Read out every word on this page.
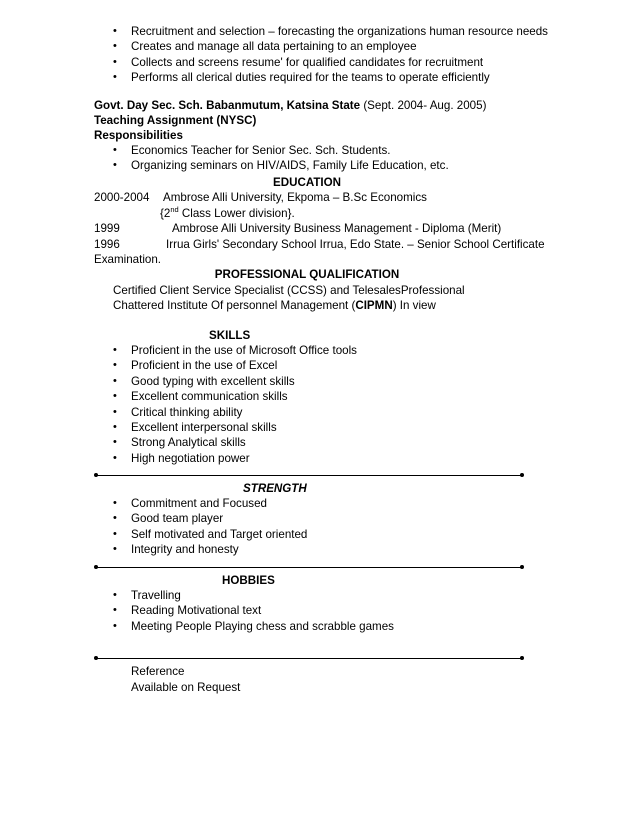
• Recruitment and selection – forecasting the organizations human resource needs
• Creates and manage all data pertaining to an employee
• Collects and screens resume' for qualified candidates for recruitment
• Performs all clerical duties required for the teams to operate efficiently
Govt. Day Sec. Sch. Babanmutum, Katsina State (Sept. 2004- Aug. 2005)
Teaching Assignment (NYSC)
Responsibilities
• Economics Teacher for Senior Sec. Sch. Students.
• Organizing seminars on HIV/AIDS, Family Life Education, etc.
EDUCATION
2000-2004 Ambrose Alli University, Ekpoma – B.Sc Economics
{2nd Class Lower division}.
1999	Ambrose Alli University Business Management - Diploma (Merit)
1996	Irrua Girls' Secondary School Irrua, Edo State. – Senior School Certificate
Examination.
PROFESSIONAL QUALIFICATION
Certified Client Service Specialist (CCSS) and TelesalesProfessional
Chattered Institute Of personnel Management (CIPMN) In view
SKILLS
• Proficient in the use of Microsoft Office tools
• Proficient in the use of Excel
• Good typing with excellent skills
• Excellent communication skills
• Critical thinking ability
• Excellent interpersonal skills
• Strong Analytical skills
• High negotiation power
STRENGTH
• Commitment and Focused
• Good team player
• Self motivated and Target oriented
• Integrity and honesty
HOBBIES
• Travelling
• Reading Motivational text
• Meeting People Playing chess and scrabble games
Reference
Available on Request
